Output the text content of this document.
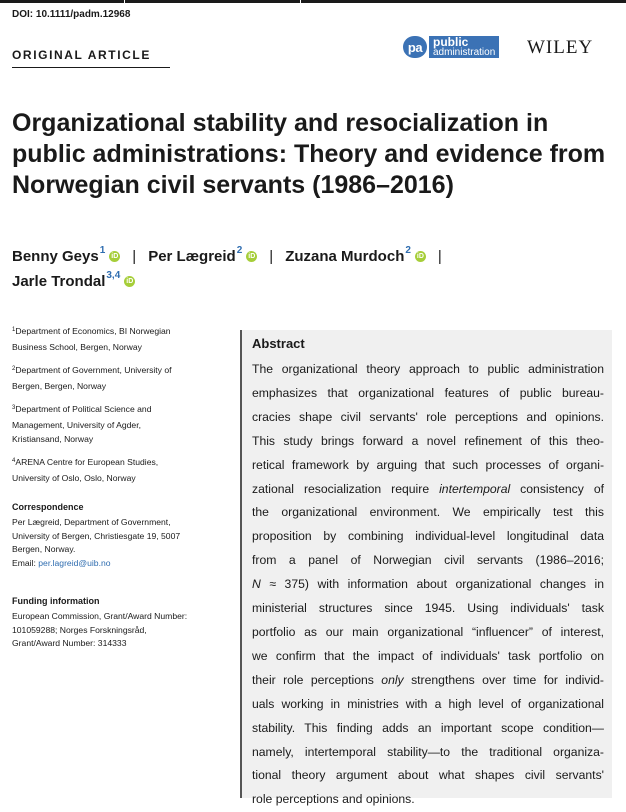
DOI: 10.1111/padm.12968
ORIGINAL ARTICLE
pa public
administration WILEY
Organizational stability and resocialization in
public administrations: Theory and evidence from
Norwegian civil servants (1986–2016)
Benny Geys 1
iD | Per Lægreid 2
iD | Zuzana Murdoch 2
iD |
Jarle Trondal 3,4
iD
$^1$Department of Economics, BI Norwegian
Business School, Bergen, Norway
$^2$Department of Government, University of
Bergen, Bergen, Norway
$^3$Department of Political Science and
Management, University of Agder,
Kristiansand, Norway
$^4$ARENA Centre for European Studies,
University of Oslo, Oslo, Norway
Correspondence
Per Lægreid, Department of Government,
University of Bergen, Christiesgate 19, 5007
Bergen, Norway.
Email: per.lagreid@uib.no
Funding information
European Commission, Grant/Award Number:
101059288; Norges Forskningsråd,
Grant/Award Number: 314333
Abstract
The organizational theory approach to public administration
emphasizes that organizational features of public bureau-
cracies shape civil servants' role perceptions and opinions.
This study brings forward a novel refinement of this theo-
retical framework by arguing that such processes of organi-
zational resocialization require intertemporal consistency of
the organizational environment. We empirically test this
proposition by combining individual-level longitudinal data
from a panel of Norwegian civil servants (1986–2016;
N ≈ 375) with information about organizational changes in
ministerial structures since 1945. Using individuals' task
portfolio as our main organizational “influencer” of interest,
we confirm that the impact of individuals' task portfolio on
their role perceptions only strengthens over time for individ-
uals working in ministries with a high level of organizational
stability. This finding adds an important scope condition—
namely, intertemporal stability—to the traditional organiza-
tional theory argument about what shapes civil servants'
role perceptions and opinions.
